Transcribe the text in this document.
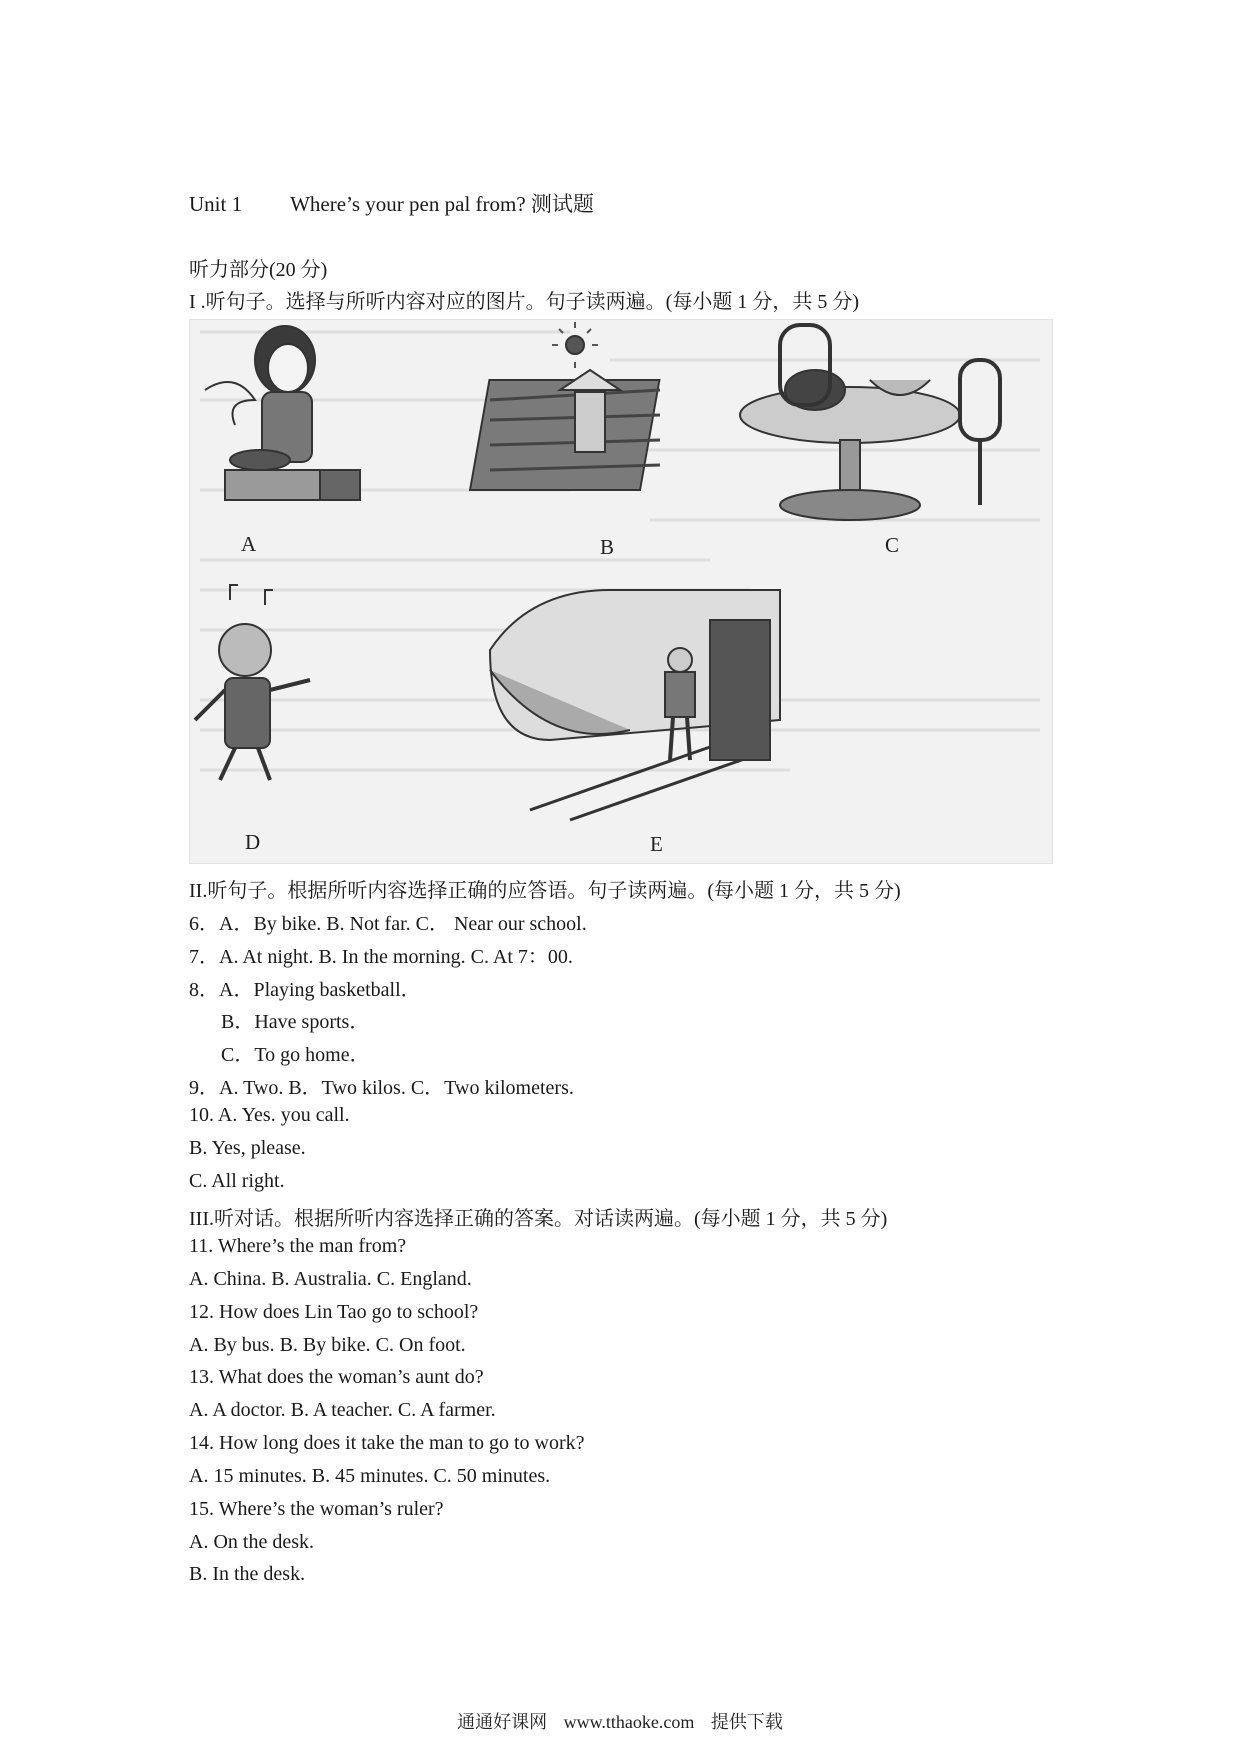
Unit 1 Where’s your pen pal from? 测试题
听力部分(20 分)
I .听句子。选择与所听内容对应的图片。句子读两遍。(每小题 1 分，共 5 分)
A	B	C
D	E
II.听句子。根据所听内容选择正确的应答语。句子读两遍。(每小题 1 分，共 5 分)
6．A．By bike. B. Not far. C． Near our school.
7．A. At night. B. In the morning. C. At 7：00.
8．A．Playing basketball．
B．Have sports．
C．To go home．
9．A. Two. B．Two kilos. C．Two kilometers.
10. A. Yes. you call.
B. Yes, please.
C. All right.
III.听对话。根据所听内容选择正确的答案。对话读两遍。(每小题 1 分，共 5 分)
11. Where’s the man from?
A. China. B. Australia. C. England.
12. How does Lin Tao go to school?
A. By bus. B. By bike. C. On foot.
13. What does the woman’s aunt do?
A. A doctor. B. A teacher. C. A farmer.
14. How long does it take the man to go to work?
A. 15 minutes. B. 45 minutes. C. 50 minutes.
15. Where’s the woman’s ruler?
A. On the desk.
B. In the desk.
通通好课网 www.tthaoke.com 提供下载
